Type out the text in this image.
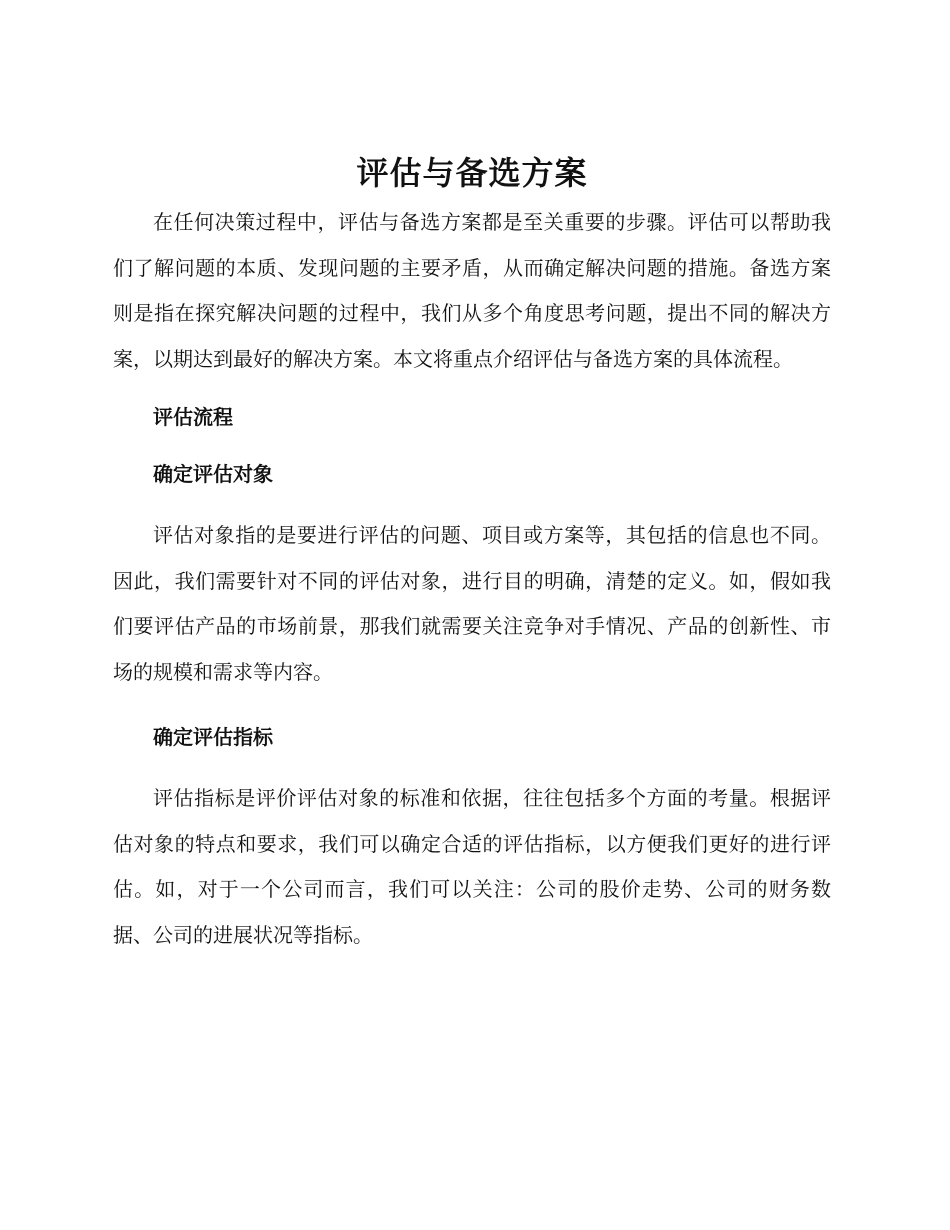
评估与备选方案

在任何决策过程中，评估与备选方案都是至关重要的步骤。评估可以帮助我们了解问题的本质、发现问题的主要矛盾，从而确定解决问题的措施。备选方案则是指在探究解决问题的过程中，我们从多个角度思考问题，提出不同的解决方案，以期达到最好的解决方案。本文将重点介绍评估与备选方案的具体流程。

评估流程
确定评估对象

评估对象指的是要进行评估的问题、项目或方案等，其包括的信息也不同。因此，我们需要针对不同的评估对象，进行目的明确，清楚的定义。如，假如我们要评估产品的市场前景，那我们就需要关注竞争对手情况、产品的创新性、市场的规模和需求等内容。

确定评估指标

评估指标是评价评估对象的标准和依据，往往包括多个方面的考量。根据评估对象的特点和要求，我们可以确定合适的评估指标，以方便我们更好的进行评估。如，对于一个公司而言，我们可以关注：公司的股价走势、公司的财务数据、公司的进展状况等指标。
